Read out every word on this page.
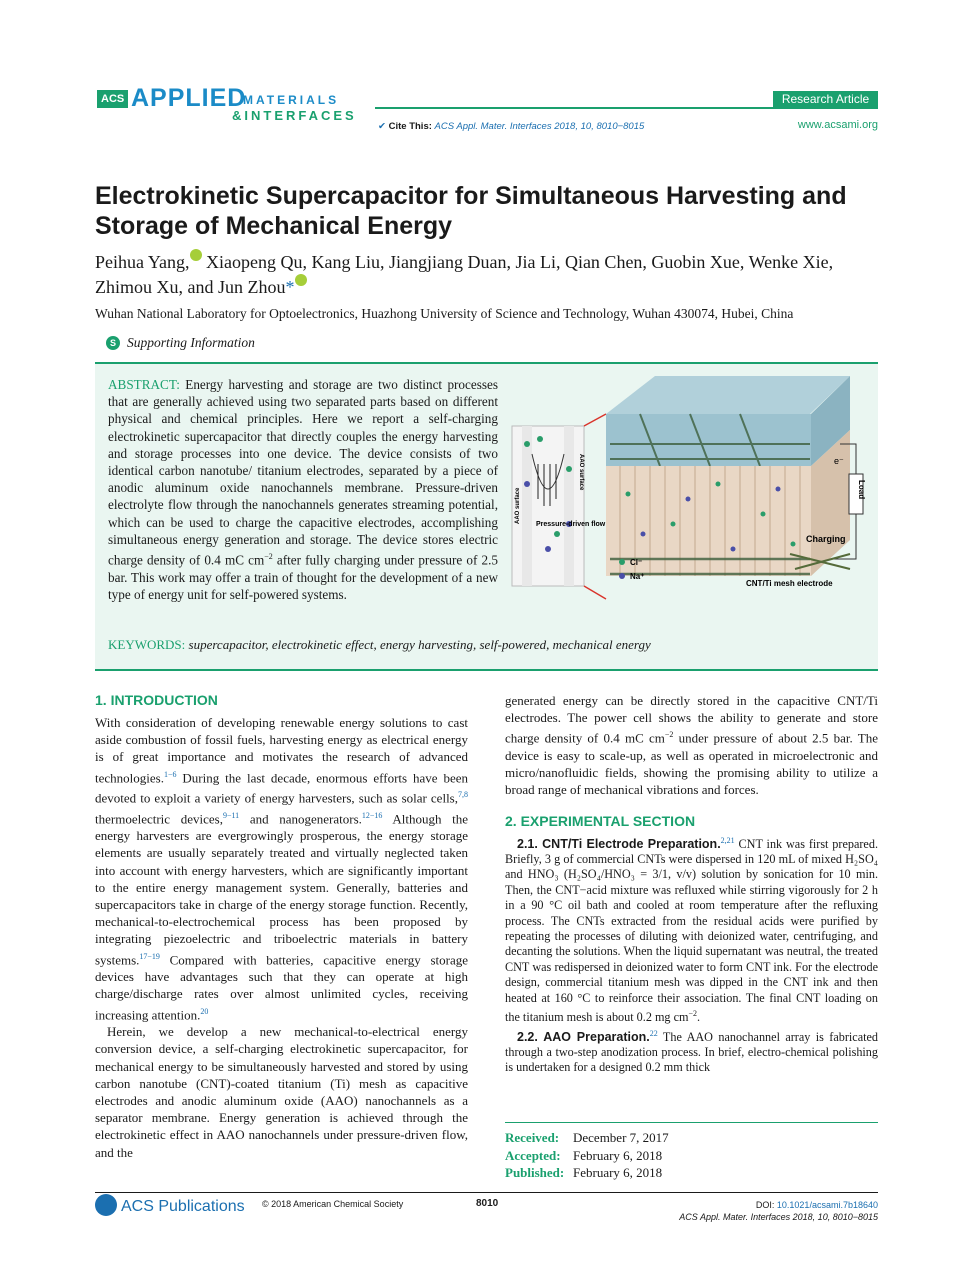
ACS APPLIED
MATERIALS
&INTERFACES
Research Article
✔ Cite This: ACS Appl. Mater. Interfaces 2018, 10, 8010−8015	www.acsami.org
Electrokinetic Supercapacitor for Simultaneous Harvesting and Storage of Mechanical Energy
Peihua Yang, Xiaopeng Qu, Kang Liu, Jiangjiang Duan, Jia Li, Qian Chen, Guobin Xue, Wenke Xie,
Zhimou Xu, and Jun Zhou*
Wuhan National Laboratory for Optoelectronics, Huazhong University of Science and Technology, Wuhan 430074, Hubei, China
S Supporting Information
ABSTRACT: Energy harvesting and storage are two distinct processes that are generally achieved using two separated parts based on different physical and chemical principles. Here we report a self-charging electrokinetic supercapacitor that directly couples the energy harvesting and storage processes into one device. The device consists of two identical carbon nanotube/ titanium electrodes, separated by a piece of anodic aluminum oxide nanochannels membrane. Pressure-driven electrolyte flow through the nanochannels generates streaming potential, which can be used to charge the capacitive electrodes, accomplishing simultaneous energy generation and storage. The device stores electric charge density of 0.4 mC $cm^{-2}$ after fully charging under pressure of 2.5 bar. This work may offer a train of thought for the development of a new type of energy unit for self-powered systems.
KEYWORDS: supercapacitor, electrokinetic effect, energy harvesting, self-powered, mechanical energy
Pressure-driven flow
AAO surface
AAO surface	Load
e⁻
Charging
Cl⁻
Na⁺
CNT/Ti mesh electrode
1. INTRODUCTION
With consideration of developing renewable energy solutions to cast aside combustion of fossil fuels, harvesting energy as electrical energy is of great importance and motivates the research of advanced technologies.$^{1-6}$ During the last decade, enormous efforts have been devoted to exploit a variety of energy harvesters, such as solar cells,$^{7,8}$ thermoelectric devices,$^{9-11}$ and nanogenerators.$^{12-16}$ Although the energy harvesters are evergrowingly prosperous, the energy storage elements are usually separately treated and virtually neglected taken into account with energy harvesters, which are significantly important to the entire energy management system. Generally, batteries and supercapacitors take in charge of the energy storage function. Recently, mechanical-to-electrochemical process has been proposed by integrating piezoelectric and triboelectric materials in battery systems.$^{17-19}$ Compared with batteries, capacitive energy storage devices have advantages such that they can operate at high charge/discharge rates over almost unlimited cycles, receiving increasing attention.$^{20}$
Herein, we develop a new mechanical-to-electrical energy conversion device, a self-charging electrokinetic supercapacitor, for mechanical energy to be simultaneously harvested and stored by using carbon nanotube (CNT)-coated titanium (Ti) mesh as capacitive electrodes and anodic aluminum oxide (AAO) nanochannels as a separator membrane. Energy generation is achieved through the electrokinetic effect in AAO nanochannels under pressure-driven flow, and the
generated energy can be directly stored in the capacitive CNT/Ti electrodes. The power cell shows the ability to generate and store charge density of 0.4 mC $cm^{-2}$ under pressure of about 2.5 bar. The device is easy to scale-up, as well as operated in microelectronic and micro/nanofluidic fields, showing the promising ability to utilize a broad range of mechanical vibrations and forces.
2. EXPERIMENTAL SECTION
2.1. CNT/Ti Electrode Preparation.$^{2,21}$ CNT ink was first prepared. Briefly, 3 g of commercial CNTs were dispersed in 120 mL of mixed H₂SO₄ and HNO₃ (H₂SO₄/HNO₃ = 3/1, v/v) solution by sonication for 10 min. Then, the CNT−acid mixture was refluxed while stirring vigorously for 2 h in a 90 °C oil bath and cooled at room temperature after the refluxing process. The CNTs extracted from the residual acids were purified by repeating the processes of diluting with deionized water, centrifuging, and decanting the solutions. When the liquid supernatant was neutral, the treated CNT was redispersed in deionized water to form CNT ink. For the electrode design, commercial titanium mesh was dipped in the CNT ink and then heated at 160 °C to reinforce their association. The final CNT loading on the titanium mesh is about 0.2 mg $cm^{-2}$.
2.2. AAO Preparation.$^{22}$ The AAO nanochannel array is fabricated through a two-step anodization process. In brief, electro-chemical polishing is undertaken for a designed 0.2 mm thick
Received: December 7, 2017
Accepted: February 6, 2018
Published: February 6, 2018
ACS Publications © 2018 American Chemical Society	8010	DOI: 10.1021/acsami.7b18640
ACS Appl. Mater. Interfaces 2018, 10, 8010−8015
